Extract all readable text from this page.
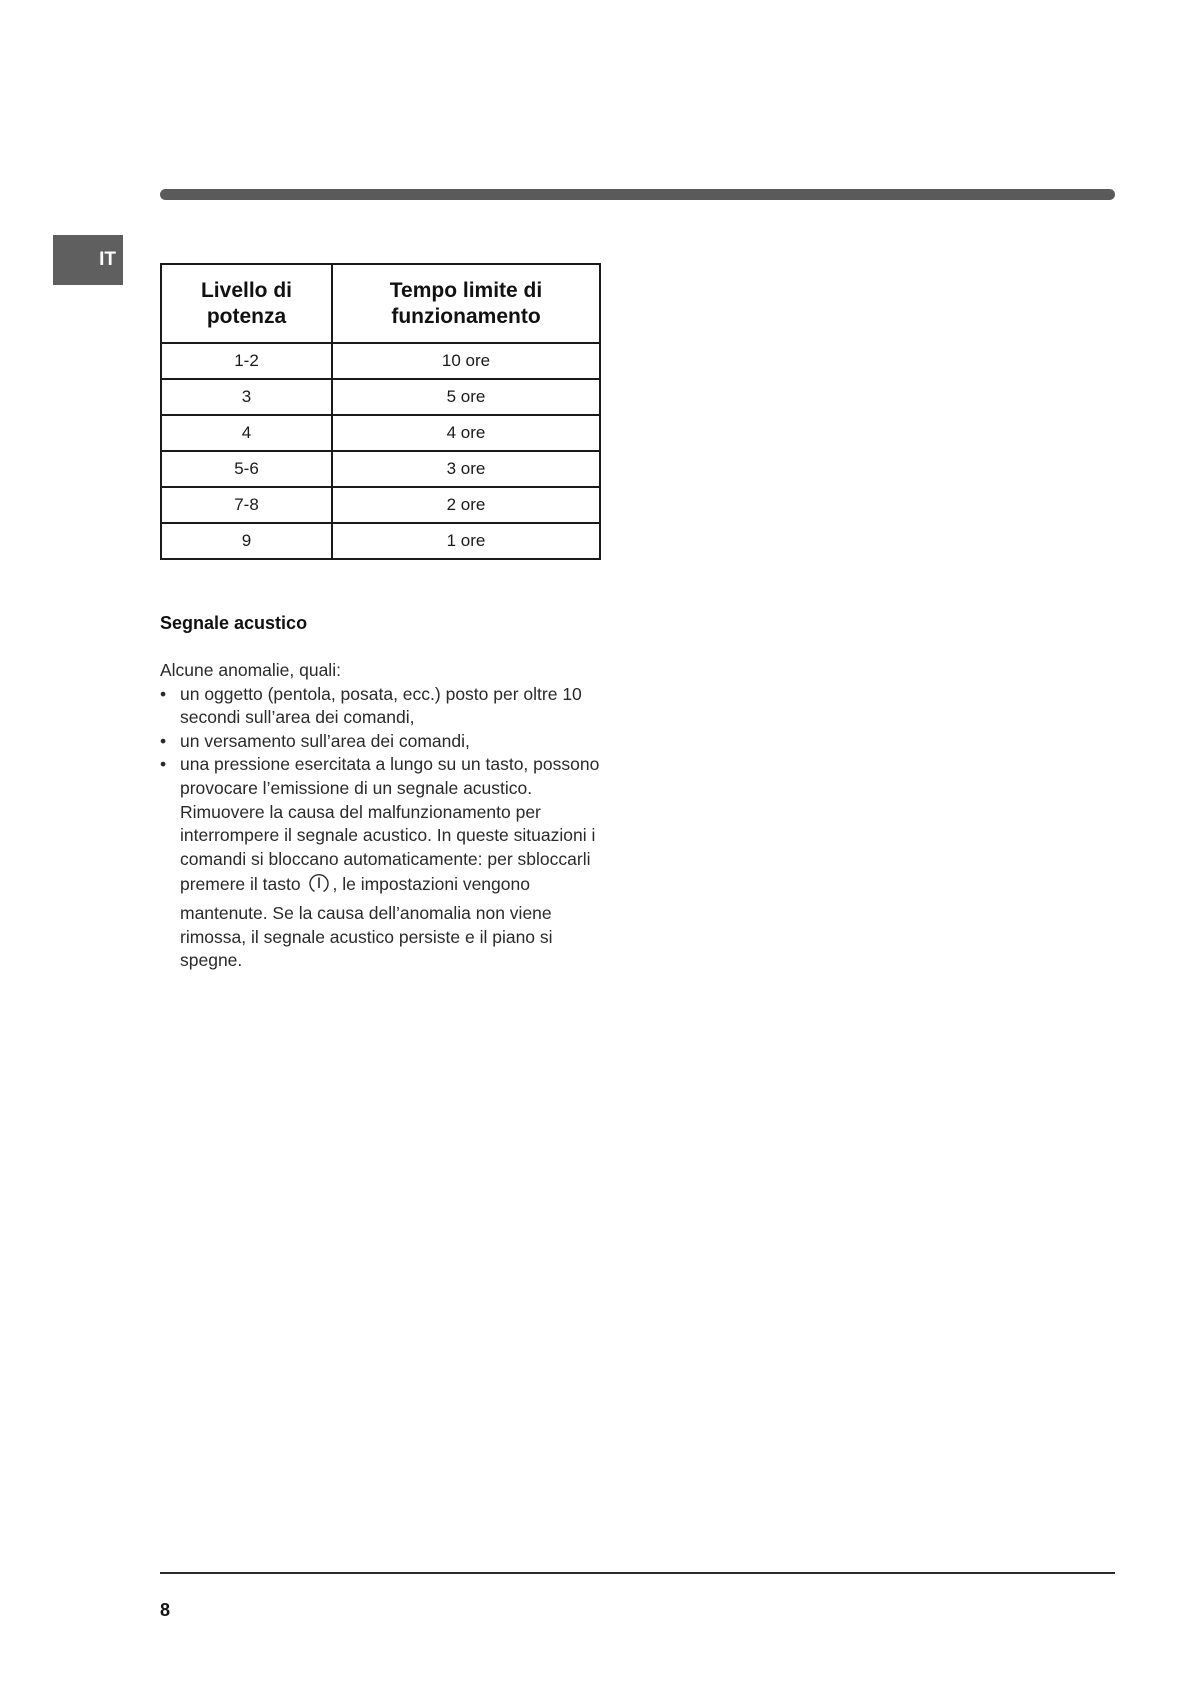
IT
Livello di
potenza	Tempo limite di
funzionamento

1-2	10 ore
3	5 ore
4	4 ore
5-6	3 ore
7-8	2 ore
9	1 ore
Segnale acustico

Alcune anomalie, quali:

• un oggetto (pentola, posata, ecc.) posto per oltre 10 secondi sull’area dei comandi,
• un versamento sull’area dei comandi,
• una pressione esercitata a lungo su un tasto, possono provocare l’emissione di un segnale acustico. Rimuovere la causa del malfunzionamento per interrompere il segnale acustico. In queste situazioni i comandi si bloccano automaticamente: per sbloccarli premere il tasto , le impostazioni vengono mantenute. Se la causa dell’anomalia non viene rimossa, il segnale acustico persiste e il piano si spegne.
8
